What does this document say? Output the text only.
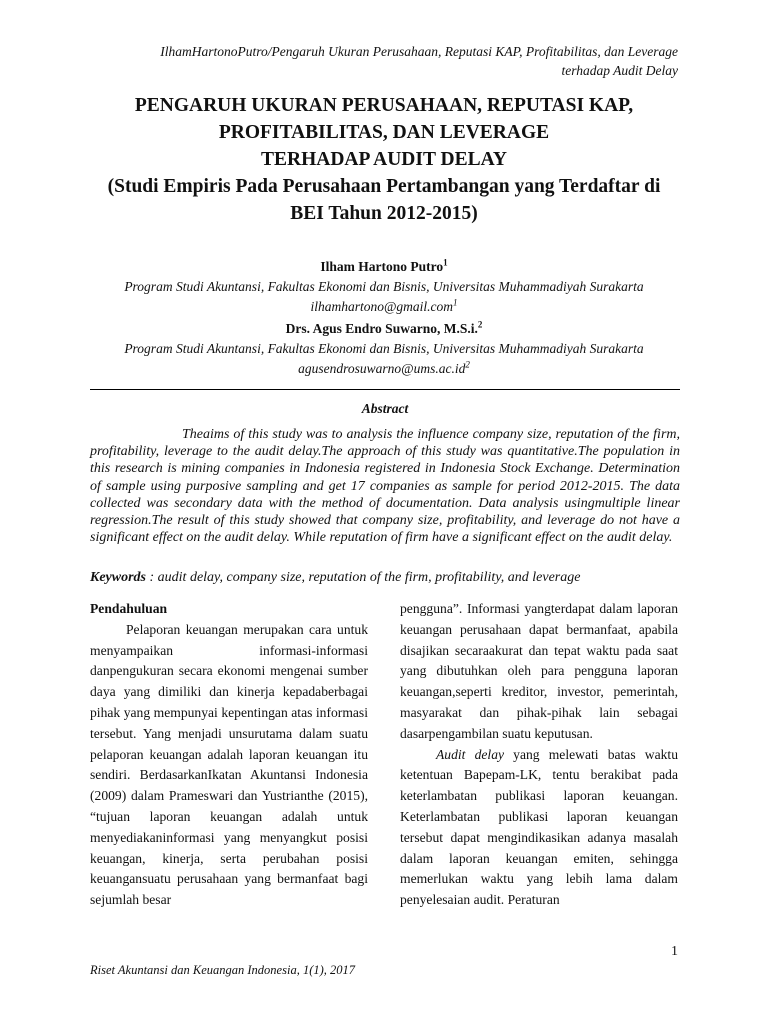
IlhamHartonoPutro/Pengaruh Ukuran Perusahaan, Reputasi KAP, Profitabilitas, dan Leverage
terhadap Audit Delay
PENGARUH UKURAN PERUSAHAAN, REPUTASI KAP,
PROFITABILITAS, DAN LEVERAGE
TERHADAP AUDIT DELAY
(Studi Empiris Pada Perusahaan Pertambangan yang Terdaftar di
BEI Tahun 2012-2015)
Ilham Hartono Putro$^1$
Program Studi Akuntansi, Fakultas Ekonomi dan Bisnis, Universitas Muhammadiyah Surakarta
ilhamhartono@gmail.com$^1$
Drs. Agus Endro Suwarno, M.S.i.$^2$
Program Studi Akuntansi, Fakultas Ekonomi dan Bisnis, Universitas Muhammadiyah Surakarta
$agusendrosuwarno@ums.ac.id^2$
Abstract

Theaims of this study was to analysis the influence company size, reputation of the firm, profitability, leverage to the audit delay.The approach of this study was quantitative.The population in this research is mining companies in Indonesia registered in Indonesia Stock Exchange. Determination of sample using purposive sampling and get 17 companies as sample for period 2012-2015. The data collected was secondary data with the method of documentation. Data analysis usingmultiple linear regression.The result of this study showed that company size, profitability, and leverage do not have a significant effect on the audit delay. While reputation of firm have a significant effect on the audit delay.

Keywords : audit delay, company size, reputation of the firm, profitability, and leverage

Pendahuluan

Pelaporan keuangan merupakan cara untuk menyampaikan informasi-informasi danpengukuran secara ekonomi mengenai sumber daya yang dimiliki dan kinerja kepadaberbagai pihak yang mempunyai kepentingan atas informasi tersebut. Yang menjadi unsurutama dalam suatu pelaporan keuangan adalah laporan keuangan itu sendiri. BerdasarkanIkatan Akuntansi Indonesia (2009) dalam Prameswari dan Yustrianthe (2015), “tujuan laporan keuangan adalah untuk menyediakaninformasi yang menyangkut posisi keuangan, kinerja, serta perubahan posisi keuangansuatu perusahaan yang bermanfaat bagi sejumlah besar

pengguna”. Informasi yangterdapat dalam laporan keuangan perusahaan dapat bermanfaat, apabila disajikan secaraakurat dan tepat waktu pada saat yang dibutuhkan oleh para pengguna laporan keuangan,seperti kreditor, investor, pemerintah, masyarakat dan pihak-pihak lain sebagai dasarpengambilan suatu keputusan.

Audit delay yang melewati batas waktu ketentuan Bapepam-LK, tentu berakibat pada keterlambatan publikasi laporan keuangan. Keterlambatan publikasi laporan keuangan tersebut dapat mengindikasikan adanya masalah dalam laporan keuangan emiten, sehingga memerlukan waktu yang lebih lama dalam penyelesaian audit. Peraturan

1
Riset Akuntansi dan Keuangan Indonesia, 1(1), 2017
